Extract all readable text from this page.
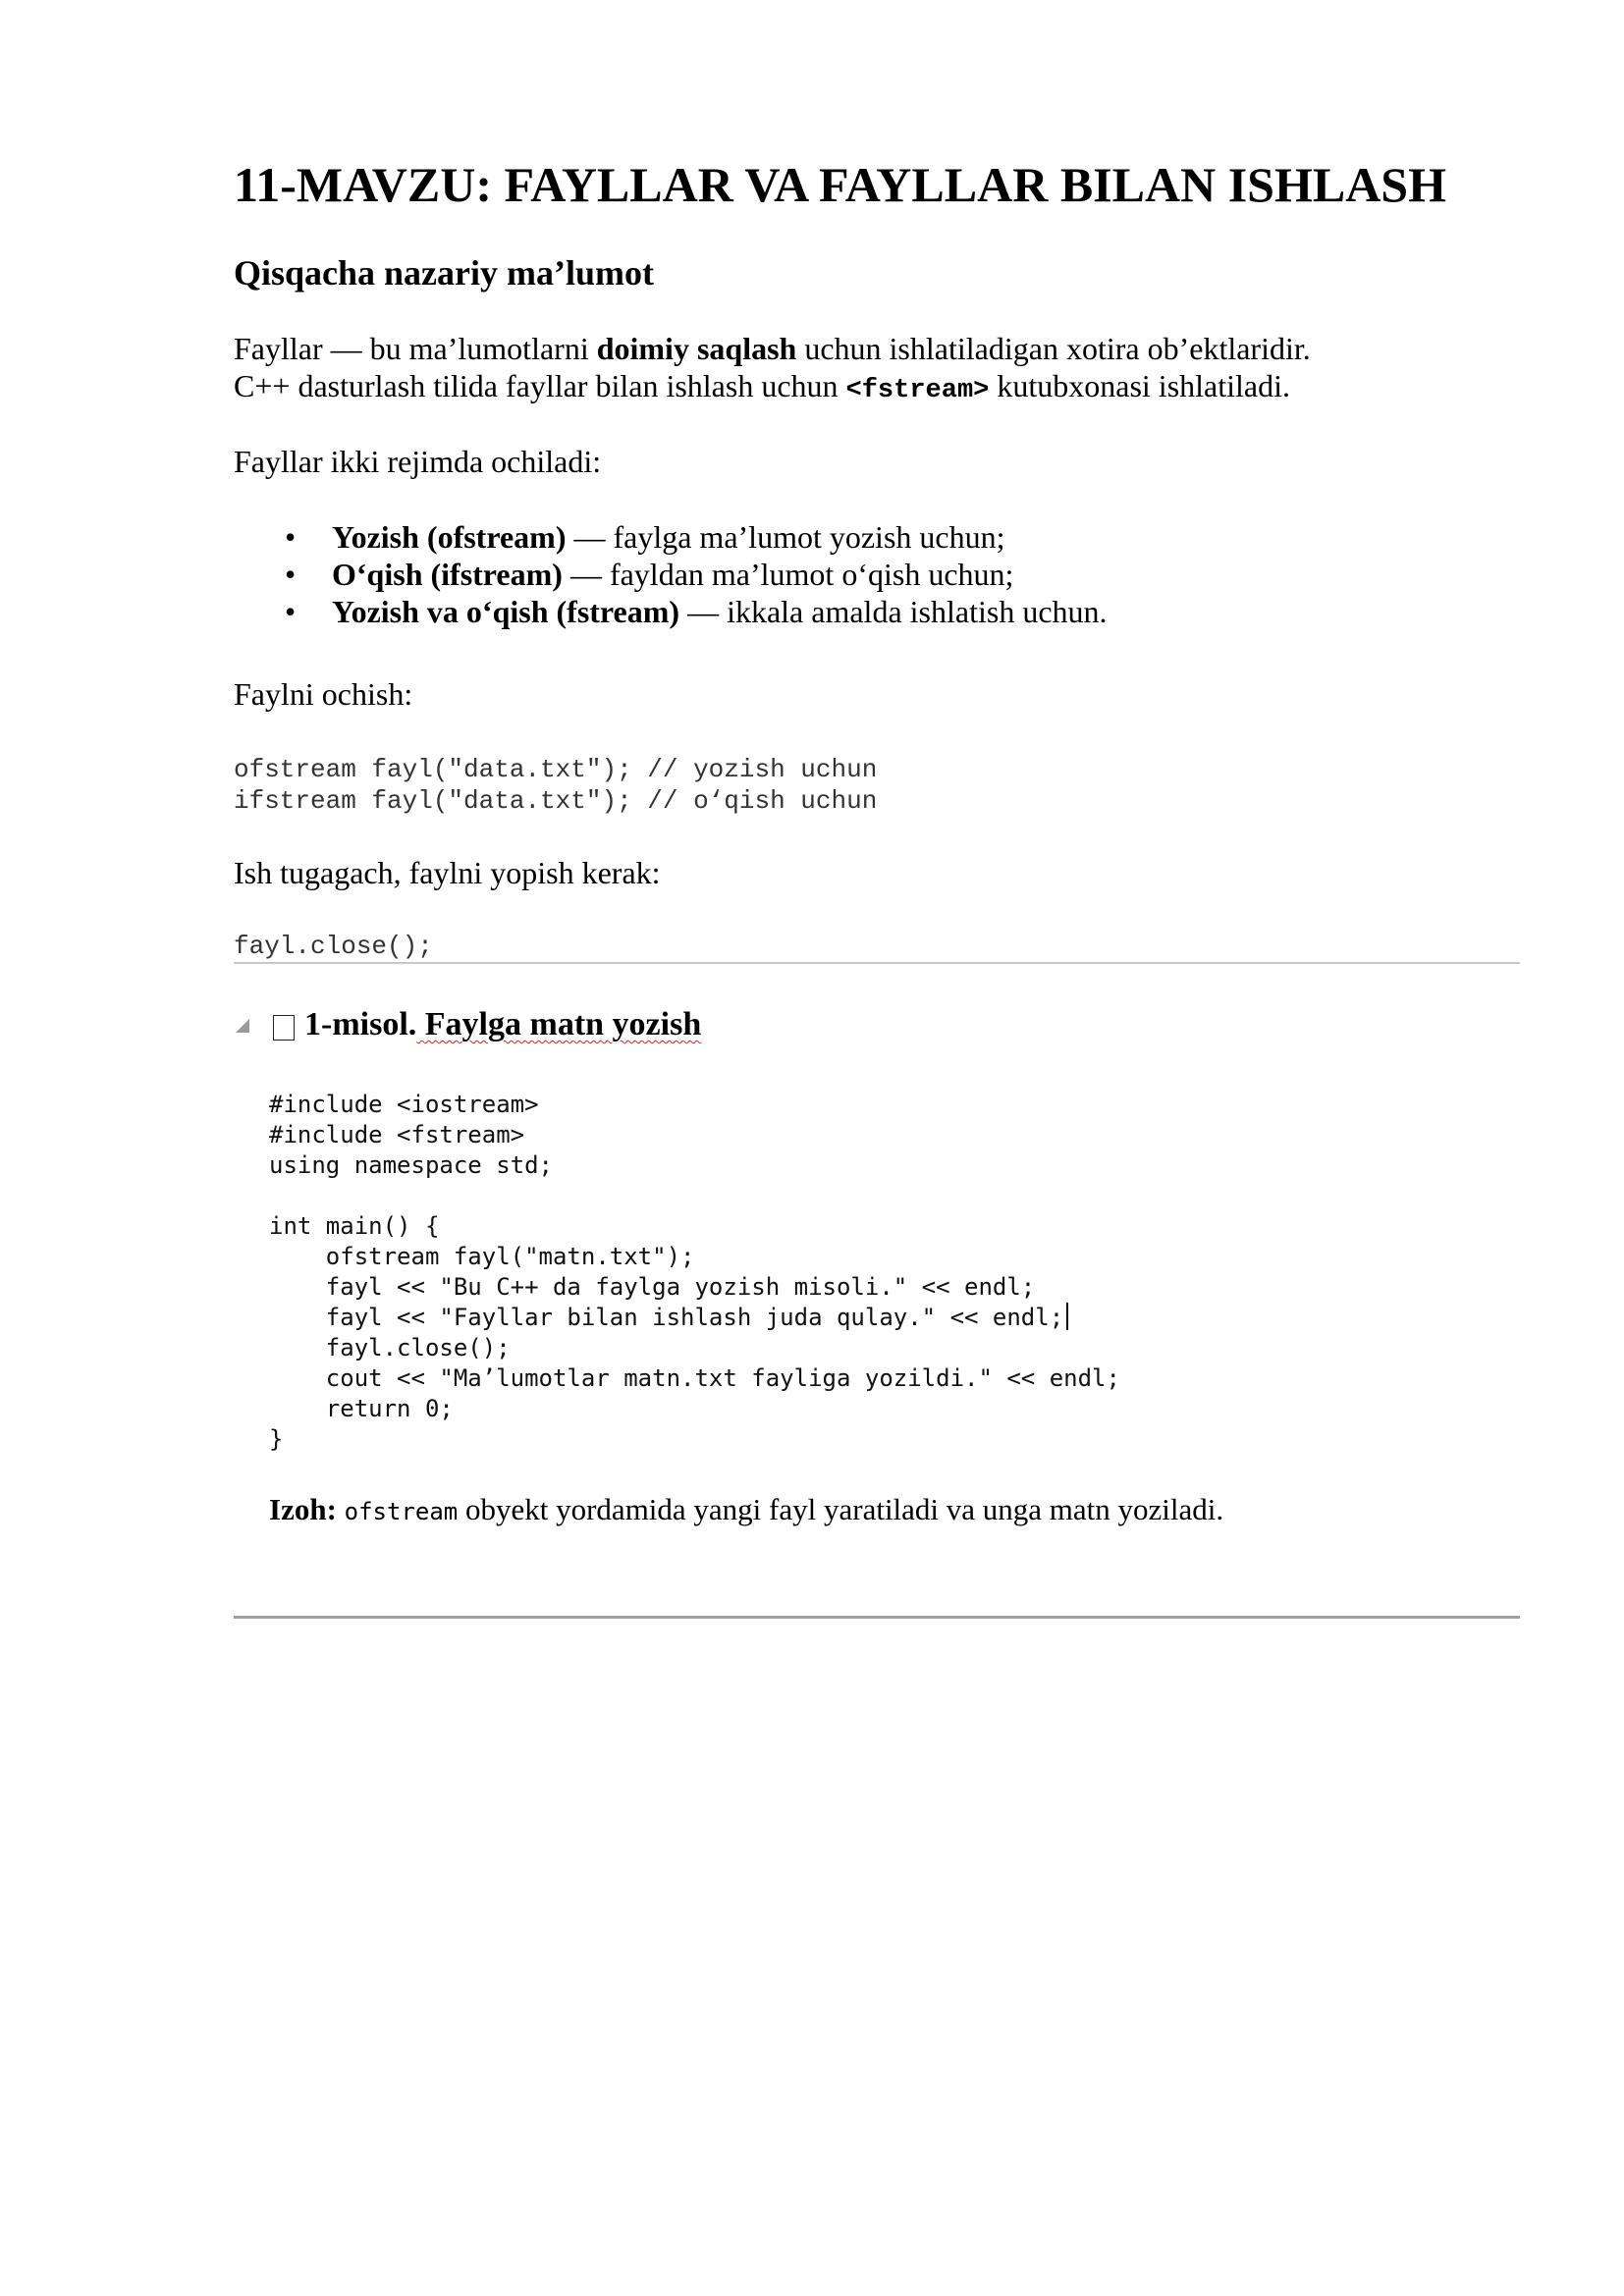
11-MAVZU: FAYLLAR VA FAYLLAR BILAN ISHLASH
Qisqacha nazariy ma’lumot

Fayllar — bu ma’lumotlarni doimiy saqlash uchun ishlatiladigan xotira ob’ektlaridir.

C++ dasturlash tilida fayllar bilan ishlash uchun <fstream> kutubxonasi ishlatiladi.

Fayllar ikki rejimda ochiladi:

• Yozish (ofstream) — faylga ma’lumot yozish uchun;
• O‘qish (ifstream) — fayldan ma’lumot o‘qish uchun;
• Yozish va o‘qish (fstream) — ikkala amalda ishlatish uchun.

Faylni ochish:

ofstream fayl("data.txt"); // yozish uchun
ifstream fayl("data.txt"); // o‘qish uchun

Ish tugagach, faylni yopish kerak:

fayl.close();
1-misol. Faylga matn yozish
#include <iostream>
#include <fstream>
using namespace std;

int main() {
ofstream fayl("matn.txt");
fayl << "Bu C++ da faylga yozish misoli." << endl;
fayl << "Fayllar bilan ishlash juda qulay." << endl;
fayl.close();
cout << "Ma’lumotlar matn.txt fayliga yozildi." << endl;
return 0;
}
Izoh: ofstream obyekt yordamida yangi fayl yaratiladi va unga matn yoziladi.
